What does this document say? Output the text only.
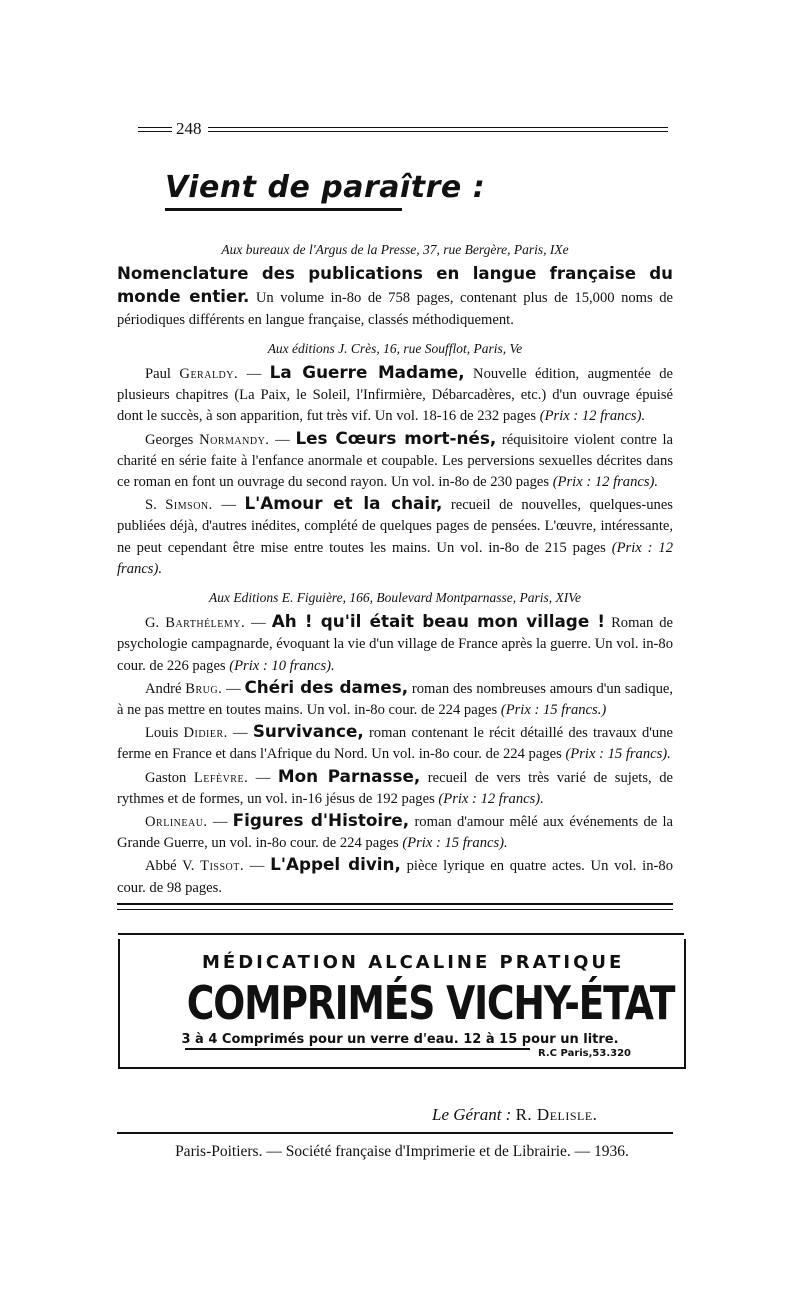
248
Vient de paraître :

Aux bureaux de l'Argus de la Presse, 37, rue Bergère, Paris, IXe

Nomenclature des publications en langue française du monde entier. Un volume in-8o de 758 pages, contenant plus de 15,000 noms de périodiques différents en langue française, classés méthodiquement.

Aux éditions J. Crès, 16, rue Soufflot, Paris, Ve

Paul Geraldy. — La Guerre Madame, Nouvelle édition, augmentée de plusieurs chapitres (La Paix, le Soleil, l'Infirmière, Débarcadères, etc.) d'un ouvrage épuisé dont le succès, à son apparition, fut très vif. Un vol. 18-16 de 232 pages (Prix : 12 francs).

Georges Normandy. — Les Cœurs mort-nés, réquisitoire violent contre la charité en série faite à l'enfance anormale et coupable. Les perversions sexuelles décrites dans ce roman en font un ouvrage du second rayon. Un vol. in-8o de 230 pages (Prix : 12 francs).

S. Simson. — L'Amour et la chair, recueil de nouvelles, quelques-unes publiées déjà, d'autres inédites, complété de quelques pages de pensées. L'œuvre, intéressante, ne peut cependant être mise entre toutes les mains. Un vol. in-8o de 215 pages (Prix : 12 francs).

Aux Editions E. Figuière, 166, Boulevard Montparnasse, Paris, XIVe

G. Barthélemy. — Ah ! qu'il était beau mon village ! Roman de psychologie campagnarde, évoquant la vie d'un village de France après la guerre. Un vol. in-8o cour. de 226 pages (Prix : 10 francs).

André Brug. — Chéri des dames, roman des nombreuses amours d'un sadique, à ne pas mettre en toutes mains. Un vol. in-8o cour. de 224 pages (Prix : 15 francs.)

Louis Didier. — Survivance, roman contenant le récit détaillé des travaux d'une ferme en France et dans l'Afrique du Nord. Un vol. in-8o cour. de 224 pages (Prix : 15 francs).

Gaston Lefèvre. — Mon Parnasse, recueil de vers très varié de sujets, de rythmes et de formes, un vol. in-16 jésus de 192 pages (Prix : 12 francs).

Orlineau. — Figures d'Histoire, roman d'amour mêlé aux événements de la Grande Guerre, un vol. in-8o cour. de 224 pages (Prix : 15 francs).

Abbé V. Tissot. — L'Appel divin, pièce lyrique en quatre actes. Un vol. in-8o cour. de 98 pages.

MÉDICATION ALCALINE PRATIQUE
COMPRIMÉS VICHY-ÉTAT
3 à 4 Comprimés pour un verre d'eau. 12 à 15 pour un litre.
R.C Paris,53.320
Le Gérant : R. Delisle.
Paris-Poitiers. — Société française d'Imprimerie et de Librairie. — 1936.
